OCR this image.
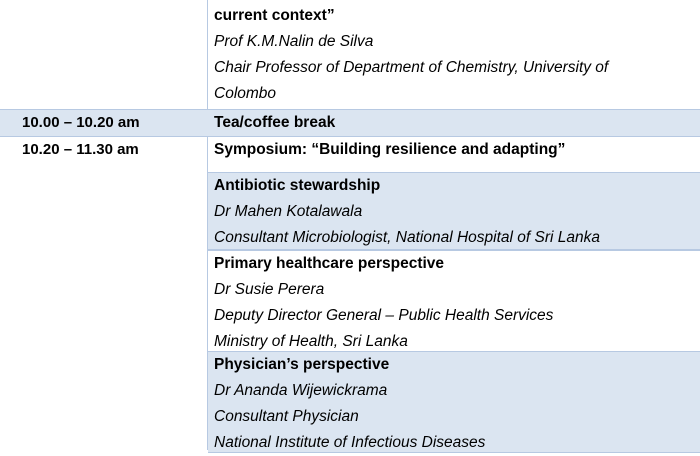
current context”
Prof K.M.Nalin de Silva
Chair Professor of Department of Chemistry, University of
Colombo
10.00 – 10.20 am	Tea/coffee break
10.20 – 11.30 am	Symposium: “Building resilience and adapting”
Antibiotic stewardship
Dr Mahen Kotalawala
Consultant Microbiologist, National Hospital of Sri Lanka
Primary healthcare perspective
Dr Susie Perera
Deputy Director General – Public Health Services
Ministry of Health, Sri Lanka
Physician’s perspective
Dr Ananda Wijewickrama
Consultant Physician
National Institute of Infectious Diseases
